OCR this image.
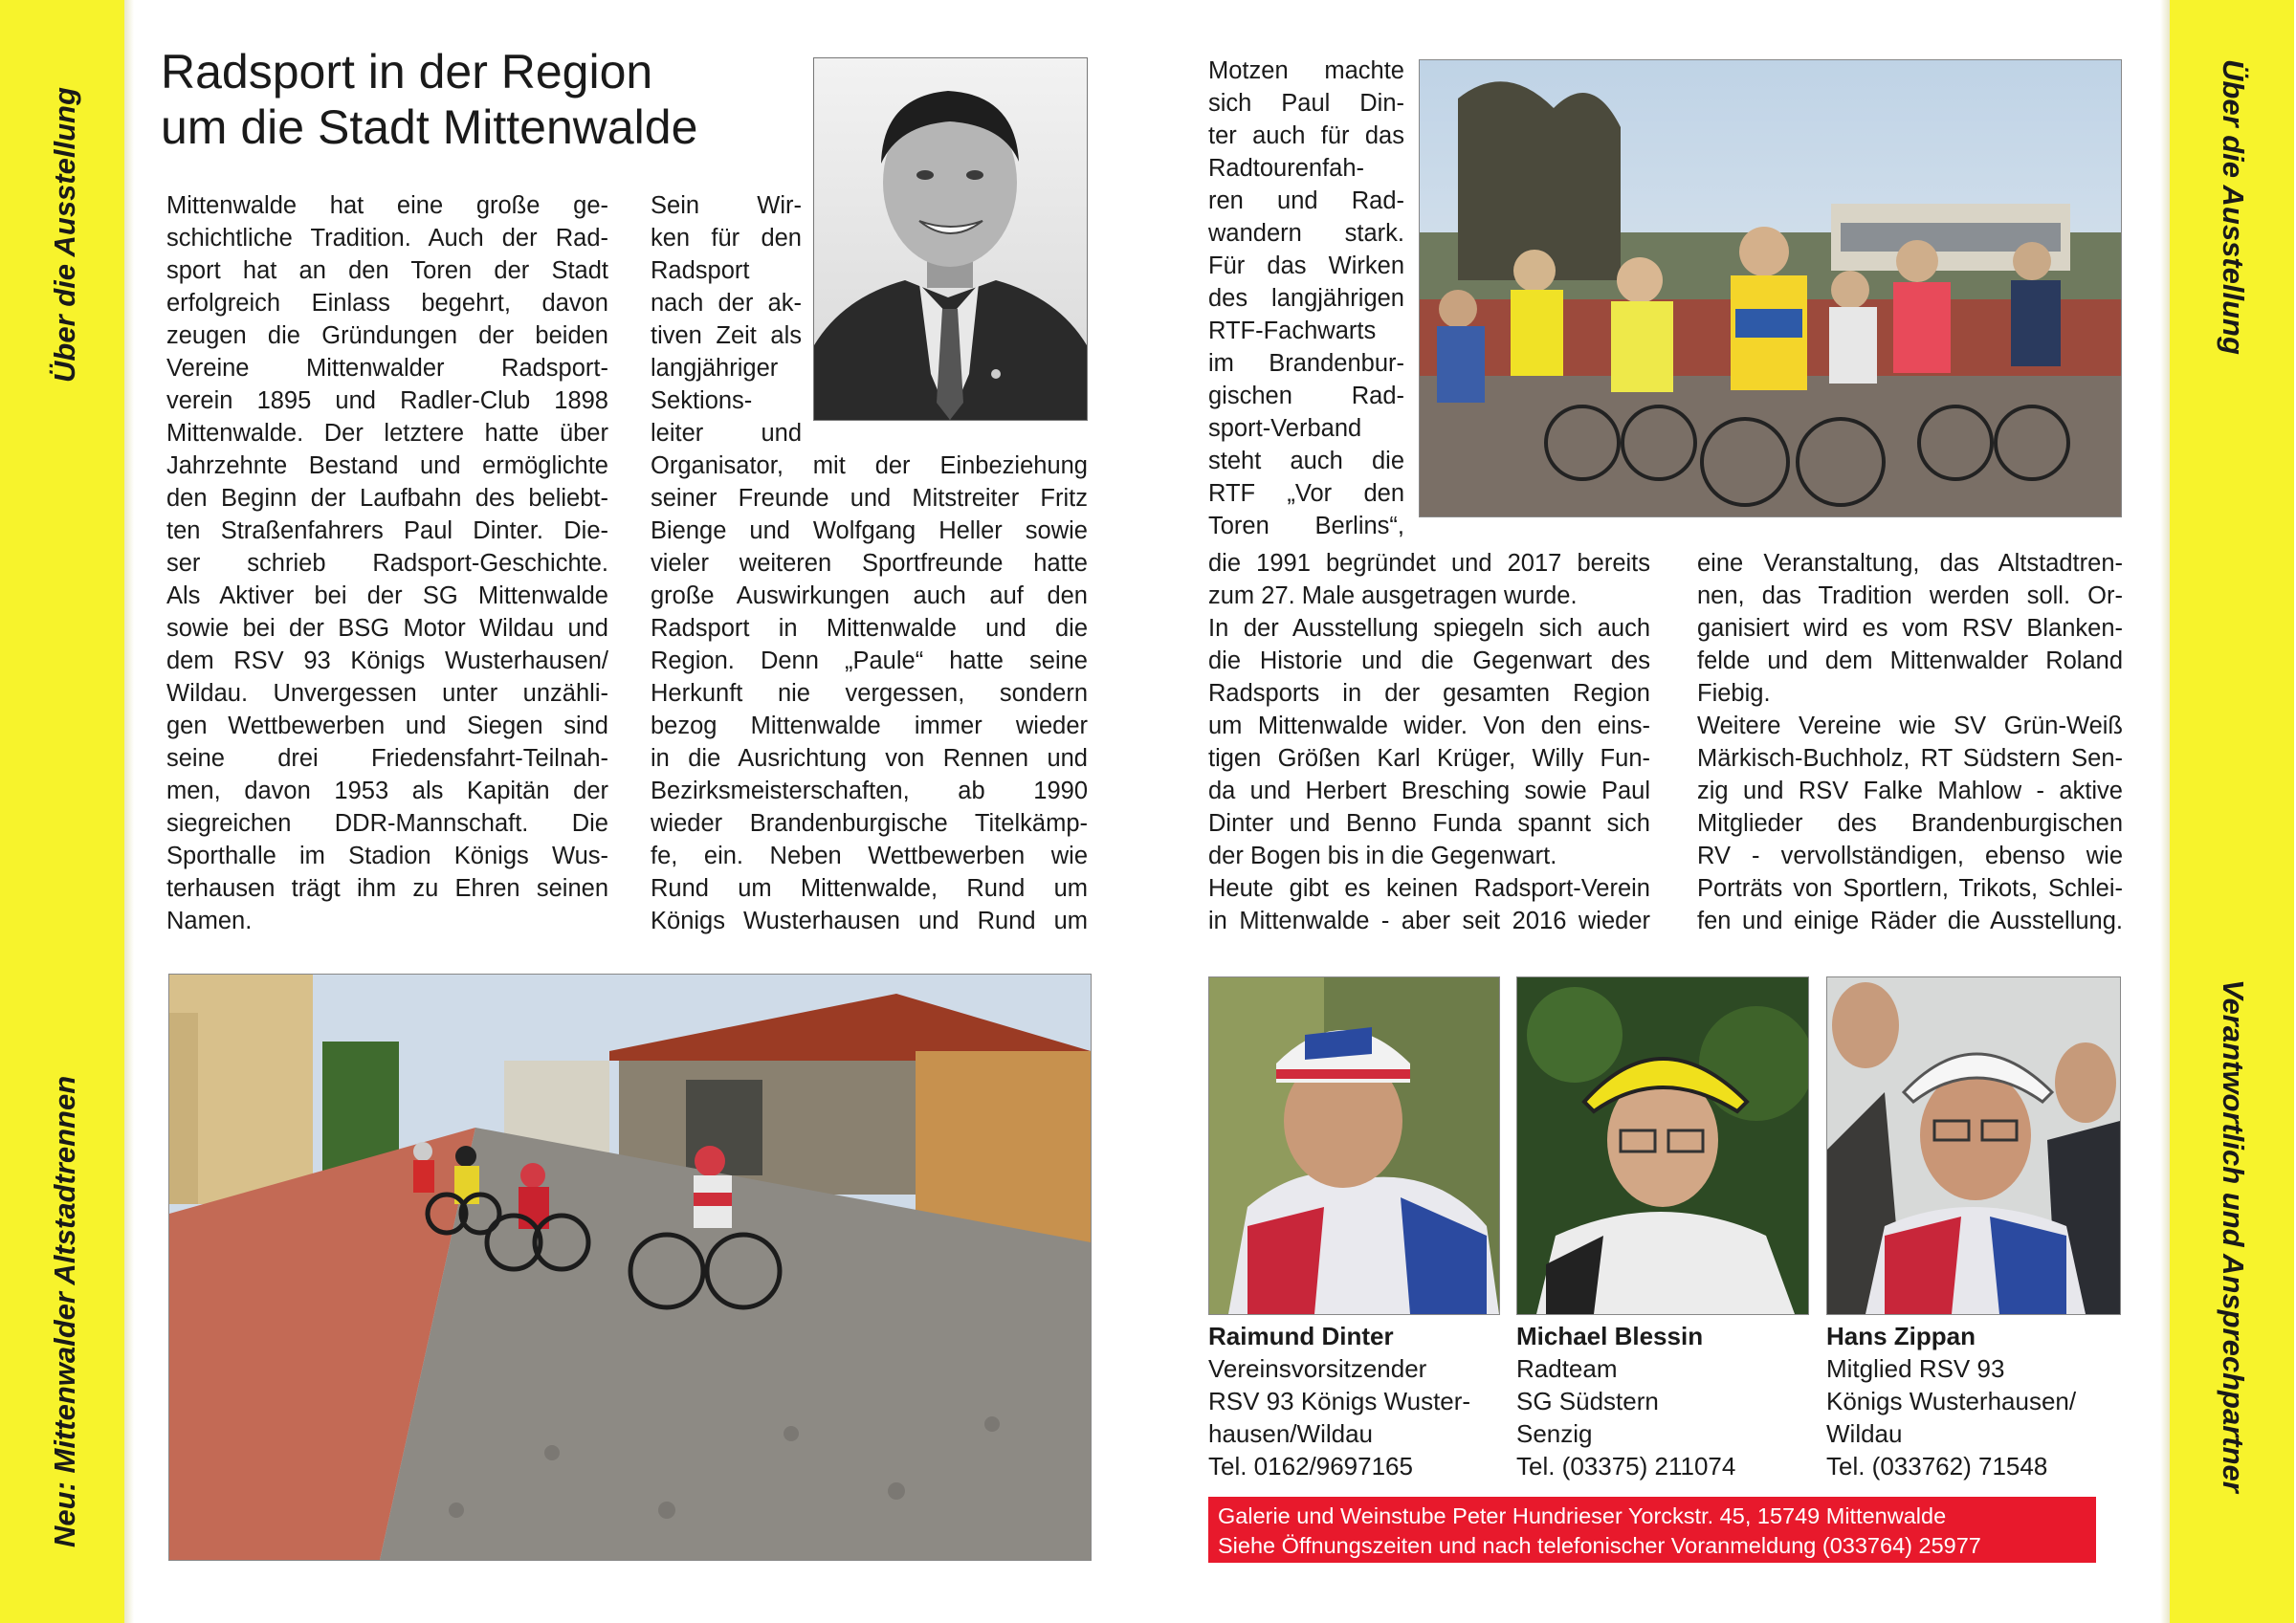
Über die Ausstellung
Neu: Mittenwalder Altstadtrennen
Über die Ausstellung
Verantwortlich und Ansprechpartner
Radsport in der Region
um die Stadt Mittenwalde
Mittenwalde hat eine große ge-
schichtliche Tradition. Auch der Rad-
sport hat an den Toren der Stadt
erfolgreich Einlass begehrt, davon
zeugen die Gründungen der beiden
Vereine Mittenwalder Radsport-
verein 1895 und Radler-Club 1898
Mittenwalde. Der letztere hatte über
Jahrzehnte Bestand und ermöglichte
den Beginn der Laufbahn des beliebt-
ten Straßenfahrers Paul Dinter. Die-
ser schrieb Radsport-Geschichte.
Als Aktiver bei der SG Mittenwalde
sowie bei der BSG Motor Wildau und
dem RSV 93 Königs Wusterhausen/
Wildau. Unvergessen unter unzähli-
gen Wettbewerben und Siegen sind
seine drei Friedensfahrt-Teilnah-
men, davon 1953 als Kapitän der
siegreichen DDR-Mannschaft. Die
Sporthalle im Stadion Königs Wus-
terhausen trägt ihm zu Ehren seinen
Namen.
Sein Wir-
ken für den
Radsport
nach der ak-
tiven Zeit als
langjähriger
Sektions-
leiter und
Organisator, mit der Einbeziehung
seiner Freunde und Mitstreiter Fritz
Bienge und Wolfgang Heller sowie
vieler weiteren Sportfreunde hatte
große Auswirkungen auch auf den
Radsport in Mittenwalde und die
Region. Denn „Paule“ hatte seine
Herkunft nie vergessen, sondern
bezog Mittenwalde immer wieder
in die Ausrichtung von Rennen und
Bezirksmeisterschaften, ab 1990
wieder Brandenburgische Titelkämp-
fe, ein. Neben Wettbewerben wie
Rund um Mittenwalde, Rund um
Königs Wusterhausen und Rund um
Motzen machte
sich Paul Din-
ter auch für das
Radtourenfah-
ren und Rad-
wandern stark.
Für das Wirken
des langjährigen
RTF-Fachwarts
im Brandenbur-
gischen Rad-
sport-Verband
steht auch die
RTF „Vor den
Toren Berlins“,
die 1991 begründet und 2017 bereits
zum 27. Male ausgetragen wurde.
In der Ausstellung spiegeln sich auch
die Historie und die Gegenwart des
Radsports in der gesamten Region
um Mittenwalde wider. Von den eins-
tigen Größen Karl Krüger, Willy Fun-
da und Herbert Bresching sowie Paul
Dinter und Benno Funda spannt sich
der Bogen bis in die Gegenwart.
Heute gibt es keinen Radsport-Verein
in Mittenwalde - aber seit 2016 wieder
eine Veranstaltung, das Altstadtren-
nen, das Tradition werden soll. Or-
ganisiert wird es vom RSV Blanken-
felde und dem Mittenwalder Roland
Fiebig.
Weitere Vereine wie SV Grün-Weiß
Märkisch-Buchholz, RT Südstern Sen-
zig und RSV Falke Mahlow - aktive
Mitglieder des Brandenburgischen
RV - vervollständigen, ebenso wie
Porträts von Sportlern, Trikots, Schlei-
fen und einige Räder die Ausstellung.
Raimund Dinter
Vereinsvorsitzender
RSV 93 Königs Wuster-
hausen/Wildau
Tel. 0162/9697165
Michael Blessin
Radteam
SG Südstern
Senzig
Tel. (03375) 211074
Hans Zippan
Mitglied RSV 93
Königs Wusterhausen/
Wildau
Tel. (033762) 71548
Galerie und Weinstube Peter Hundrieser Yorckstr. 45, 15749 Mittenwalde
Siehe Öffnungszeiten und nach telefonischer Voranmeldung (033764) 25977
